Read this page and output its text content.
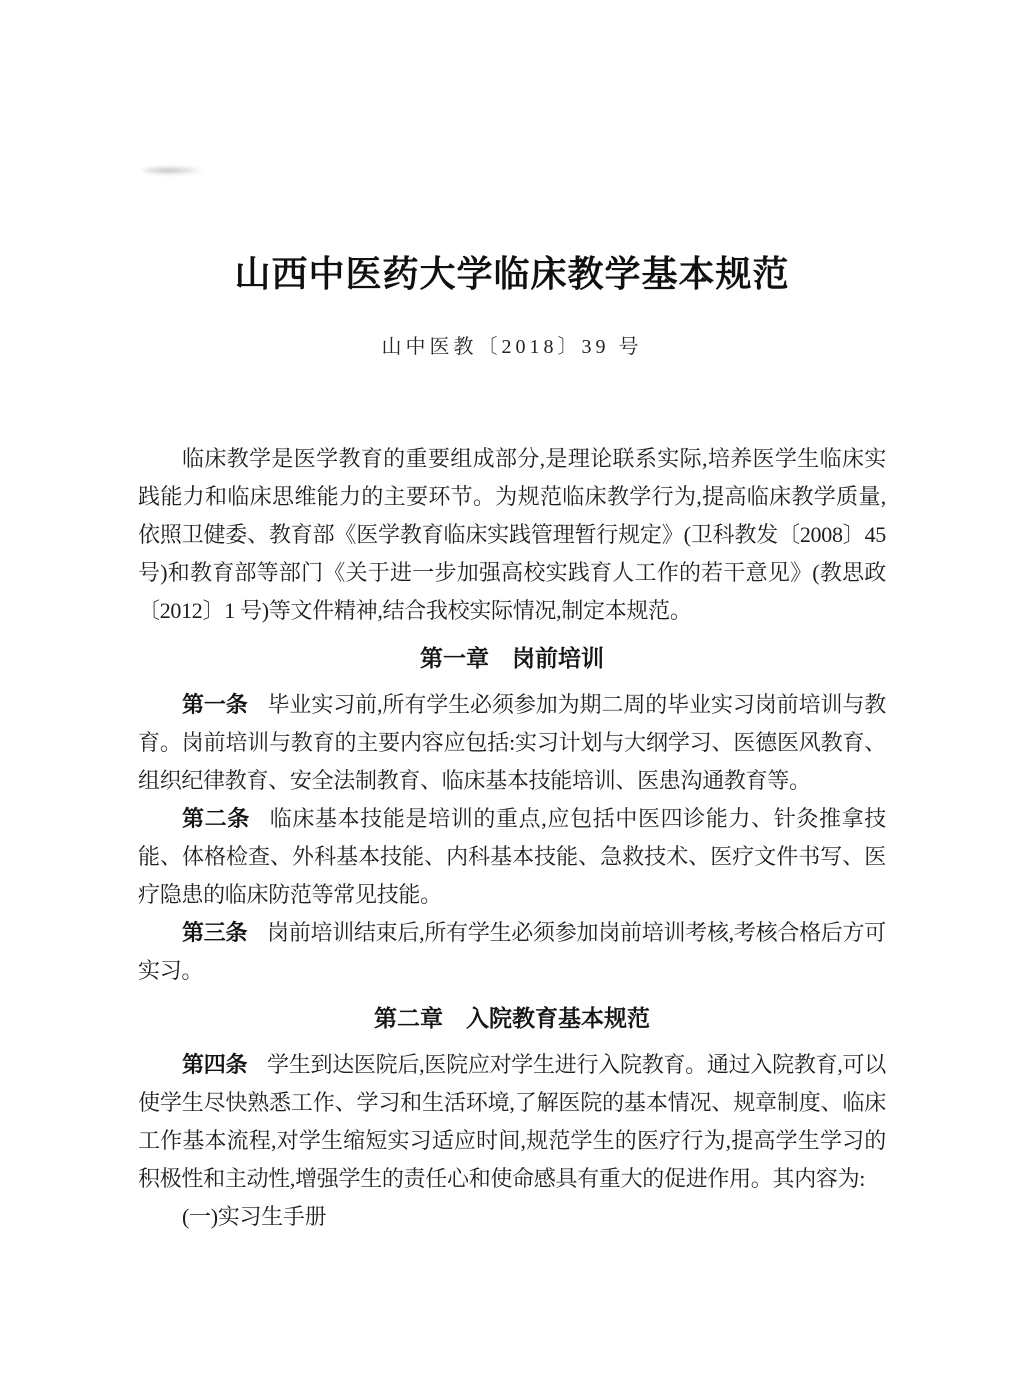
山西中医药大学临床教学基本规范
山中医教〔2018〕39 号

临床教学是医学教育的重要组成部分,是理论联系实际,培养医学生临床实践能力和临床思维能力的主要环节。为规范临床教学行为,提高临床教学质量,依照卫健委、教育部《医学教育临床实践管理暂行规定》(卫科教发〔2008〕45 号)和教育部等部门《关于进一步加强高校实践育人工作的若干意见》(教思政〔2012〕1 号)等文件精神,结合我校实际情况,制定本规范。

第一章　岗前培训

第一条 毕业实习前,所有学生必须参加为期二周的毕业实习岗前培训与教育。岗前培训与教育的主要内容应包括:实习计划与大纲学习、医德医风教育、组织纪律教育、安全法制教育、临床基本技能培训、医患沟通教育等。

第二条 临床基本技能是培训的重点,应包括中医四诊能力、针灸推拿技能、体格检查、外科基本技能、内科基本技能、急救技术、医疗文件书写、医疗隐患的临床防范等常见技能。

第三条 岗前培训结束后,所有学生必须参加岗前培训考核,考核合格后方可实习。

第二章　入院教育基本规范

第四条 学生到达医院后,医院应对学生进行入院教育。通过入院教育,可以使学生尽快熟悉工作、学习和生活环境,了解医院的基本情况、规章制度、临床工作基本流程,对学生缩短实习适应时间,规范学生的医疗行为,提高学生学习的积极性和主动性,增强学生的责任心和使命感具有重大的促进作用。其内容为:

(一)实习生手册
